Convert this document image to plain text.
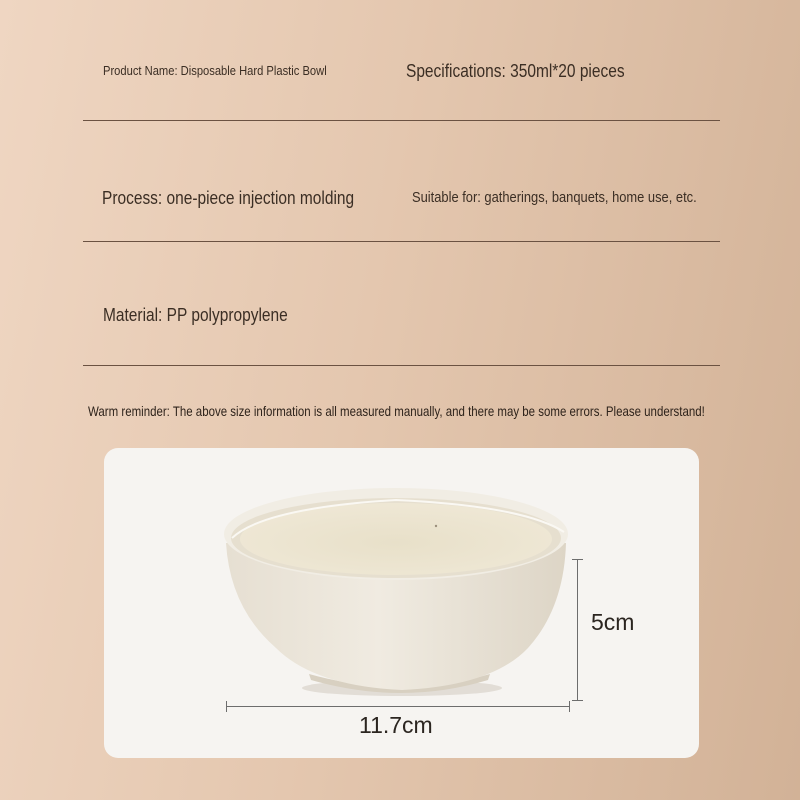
Product Name: Disposable Hard Plastic Bowl	Specifications: 350ml*20 pieces
Process: one-piece injection molding	Suitable for: gatherings, banquets, home use, etc.
Material: PP polypropylene
Warm reminder: The above size information is all measured manually, and there may be some errors. Please understand!
5cm
11.7cm
